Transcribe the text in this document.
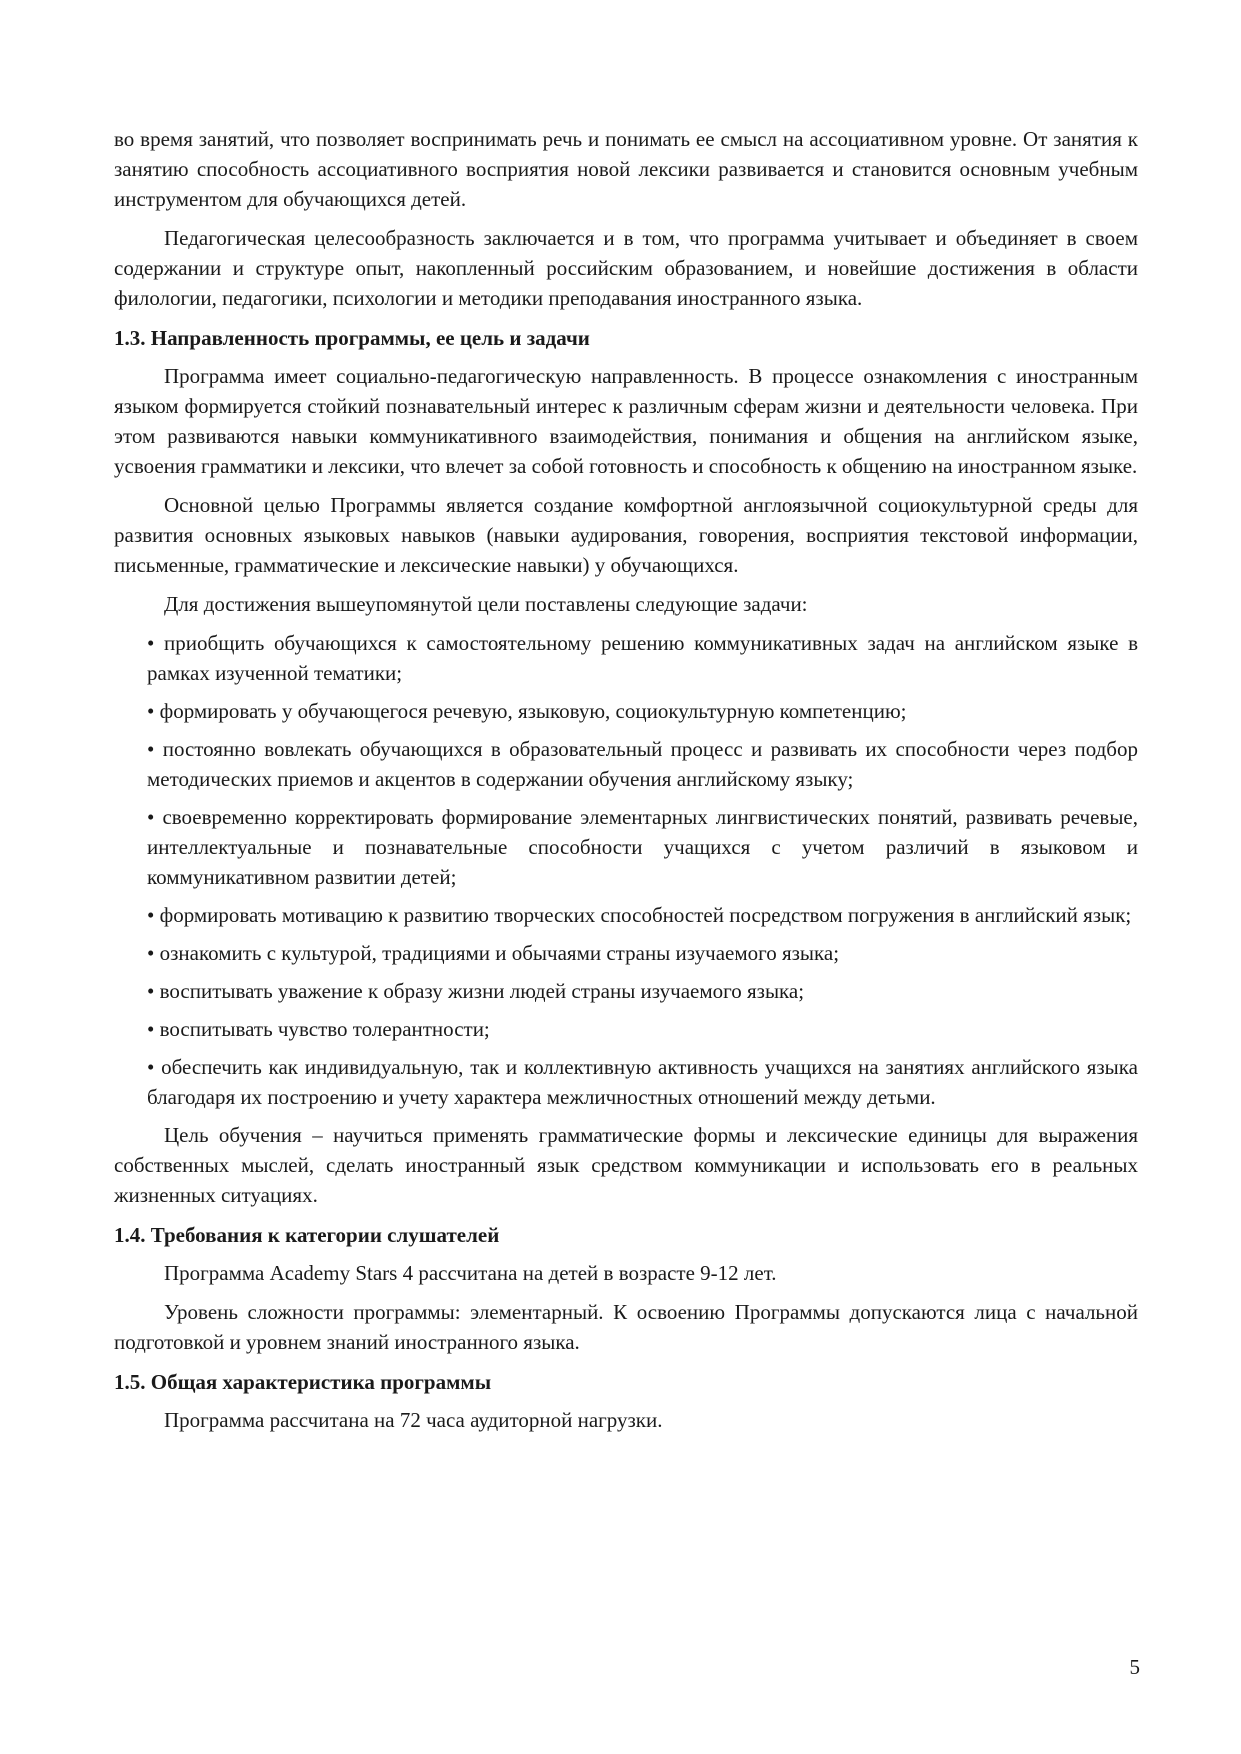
во время занятий, что позволяет воспринимать речь и понимать ее смысл на ассоциативном уровне. От занятия к занятию способность ассоциативного восприятия новой лексики развивается и становится основным учебным инструментом для обучающихся детей.

Педагогическая целесообразность заключается и в том, что программа учитывает и объединяет в своем содержании и структуре опыт, накопленный российским образованием, и новейшие достижения в области филологии, педагогики, психологии и методики преподавания иностранного языка.

1.3. Направленность программы, ее цель и задачи

Программа имеет социально-педагогическую направленность. В процессе ознакомления с иностранным языком формируется стойкий познавательный интерес к различным сферам жизни и деятельности человека. При этом развиваются навыки коммуникативного взаимодействия, понимания и общения на английском языке, усвоения грамматики и лексики, что влечет за собой готовность и способность к общению на иностранном языке.

Основной целью Программы является создание комфортной англоязычной социокультурной среды для развития основных языковых навыков (навыки аудирования, говорения, восприятия текстовой информации, письменные, грамматические и лексические навыки) у обучающихся.

Для достижения вышеупомянутой цели поставлены следующие задачи:

• приобщить обучающихся к самостоятельному решению коммуникативных задач на английском языке в рамках изученной тематики;
• формировать у обучающегося речевую, языковую, социокультурную компетенцию;
• постоянно вовлекать обучающихся в образовательный процесс и развивать их способности через подбор методических приемов и акцентов в содержании обучения английскому языку;
• своевременно корректировать формирование элементарных лингвистических понятий, развивать речевые, интеллектуальные и познавательные способности учащихся с учетом различий в языковом и коммуникативном развитии детей;
• формировать мотивацию к развитию творческих способностей посредством погружения в английский язык;
• ознакомить с культурой, традициями и обычаями страны изучаемого языка;
• воспитывать уважение к образу жизни людей страны изучаемого языка;
• воспитывать чувство толерантности;
• обеспечить как индивидуальную, так и коллективную активность учащихся на занятиях английского языка благодаря их построению и учету характера межличностных отношений между детьми.

Цель обучения – научиться применять грамматические формы и лексические единицы для выражения собственных мыслей, сделать иностранный язык средством коммуникации и использовать его в реальных жизненных ситуациях.

1.4. Требования к категории слушателей

Программа Academy Stars 4 рассчитана на детей в возрасте 9-12 лет.

Уровень сложности программы: элементарный. К освоению Программы допускаются лица с начальной подготовкой и уровнем знаний иностранного языка.

1.5. Общая характеристика программы

Программа рассчитана на 72 часа аудиторной нагрузки.

5
